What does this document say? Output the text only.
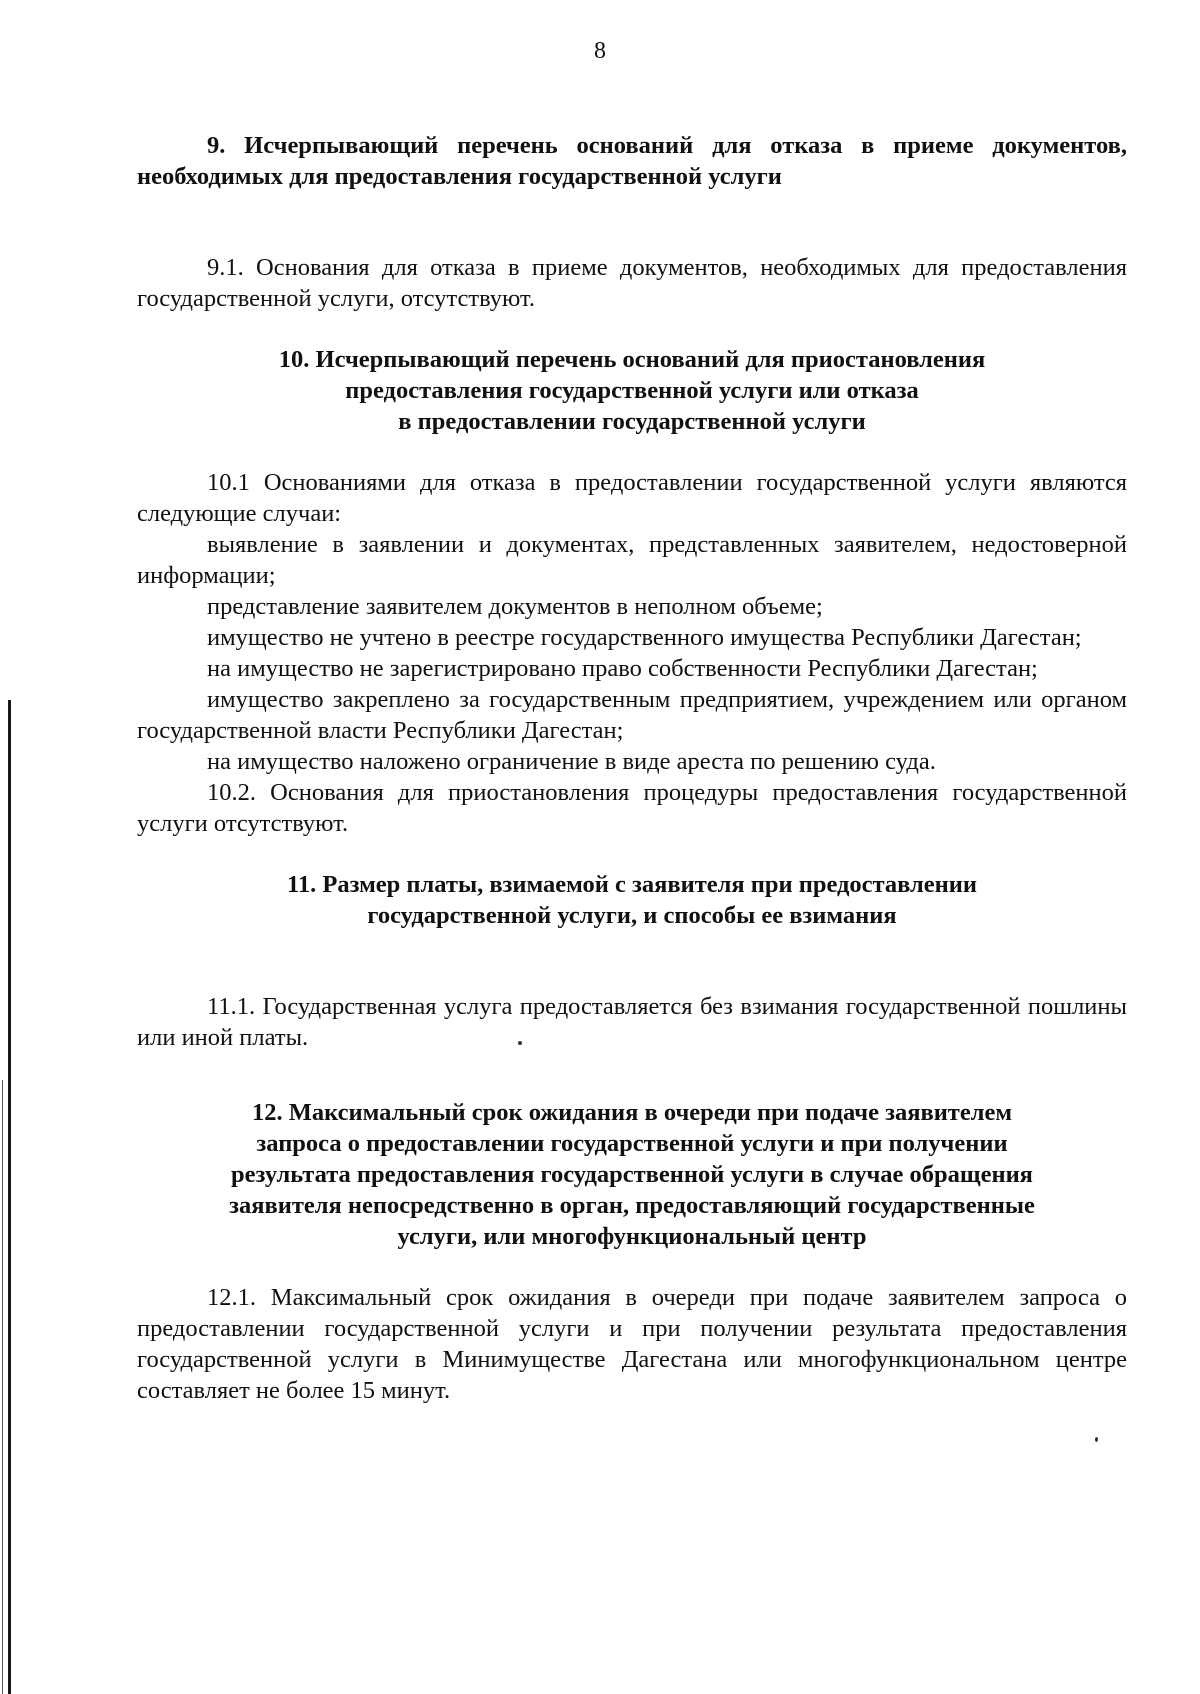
8
9. Исчерпывающий перечень оснований для отказа в приеме документов, необходимых для предоставления государственной услуги

9.1. Основания для отказа в приеме документов, необходимых для предоставления государственной услуги, отсутствуют.

10. Исчерпывающий перечень оснований для приостановления
предоставления государственной услуги или отказа
в предоставлении государственной услуги

10.1 Основаниями для отказа в предоставлении государственной услуги являются следующие случаи:

выявление в заявлении и документах, представленных заявителем, недостоверной информации;

представление заявителем документов в неполном объеме;

имущество не учтено в реестре государственного имущества Республики Дагестан;

на имущество не зарегистрировано право собственности Республики Дагестан;

имущество закреплено за государственным предприятием, учреждением или органом государственной власти Республики Дагестан;

на имущество наложено ограничение в виде ареста по решению суда.

10.2. Основания для приостановления процедуры предоставления государственной услуги отсутствуют.

11. Размер платы, взимаемой с заявителя при предоставлении
государственной услуги, и способы ее взимания

11.1. Государственная услуга предоставляется без взимания государственной пошлины или иной платы.

12. Максимальный срок ожидания в очереди при подаче заявителем
запроса о предоставлении государственной услуги и при получении
результата предоставления государственной услуги в случае обращения
заявителя непосредственно в орган, предоставляющий государственные
услуги, или многофункциональный центр

12.1. Максимальный срок ожидания в очереди при подаче заявителем запроса о предоставлении государственной услуги и при получении результата предоставления государственной услуги в Минимуществе Дагестана или многофункциональном центре составляет не более 15 минут.
